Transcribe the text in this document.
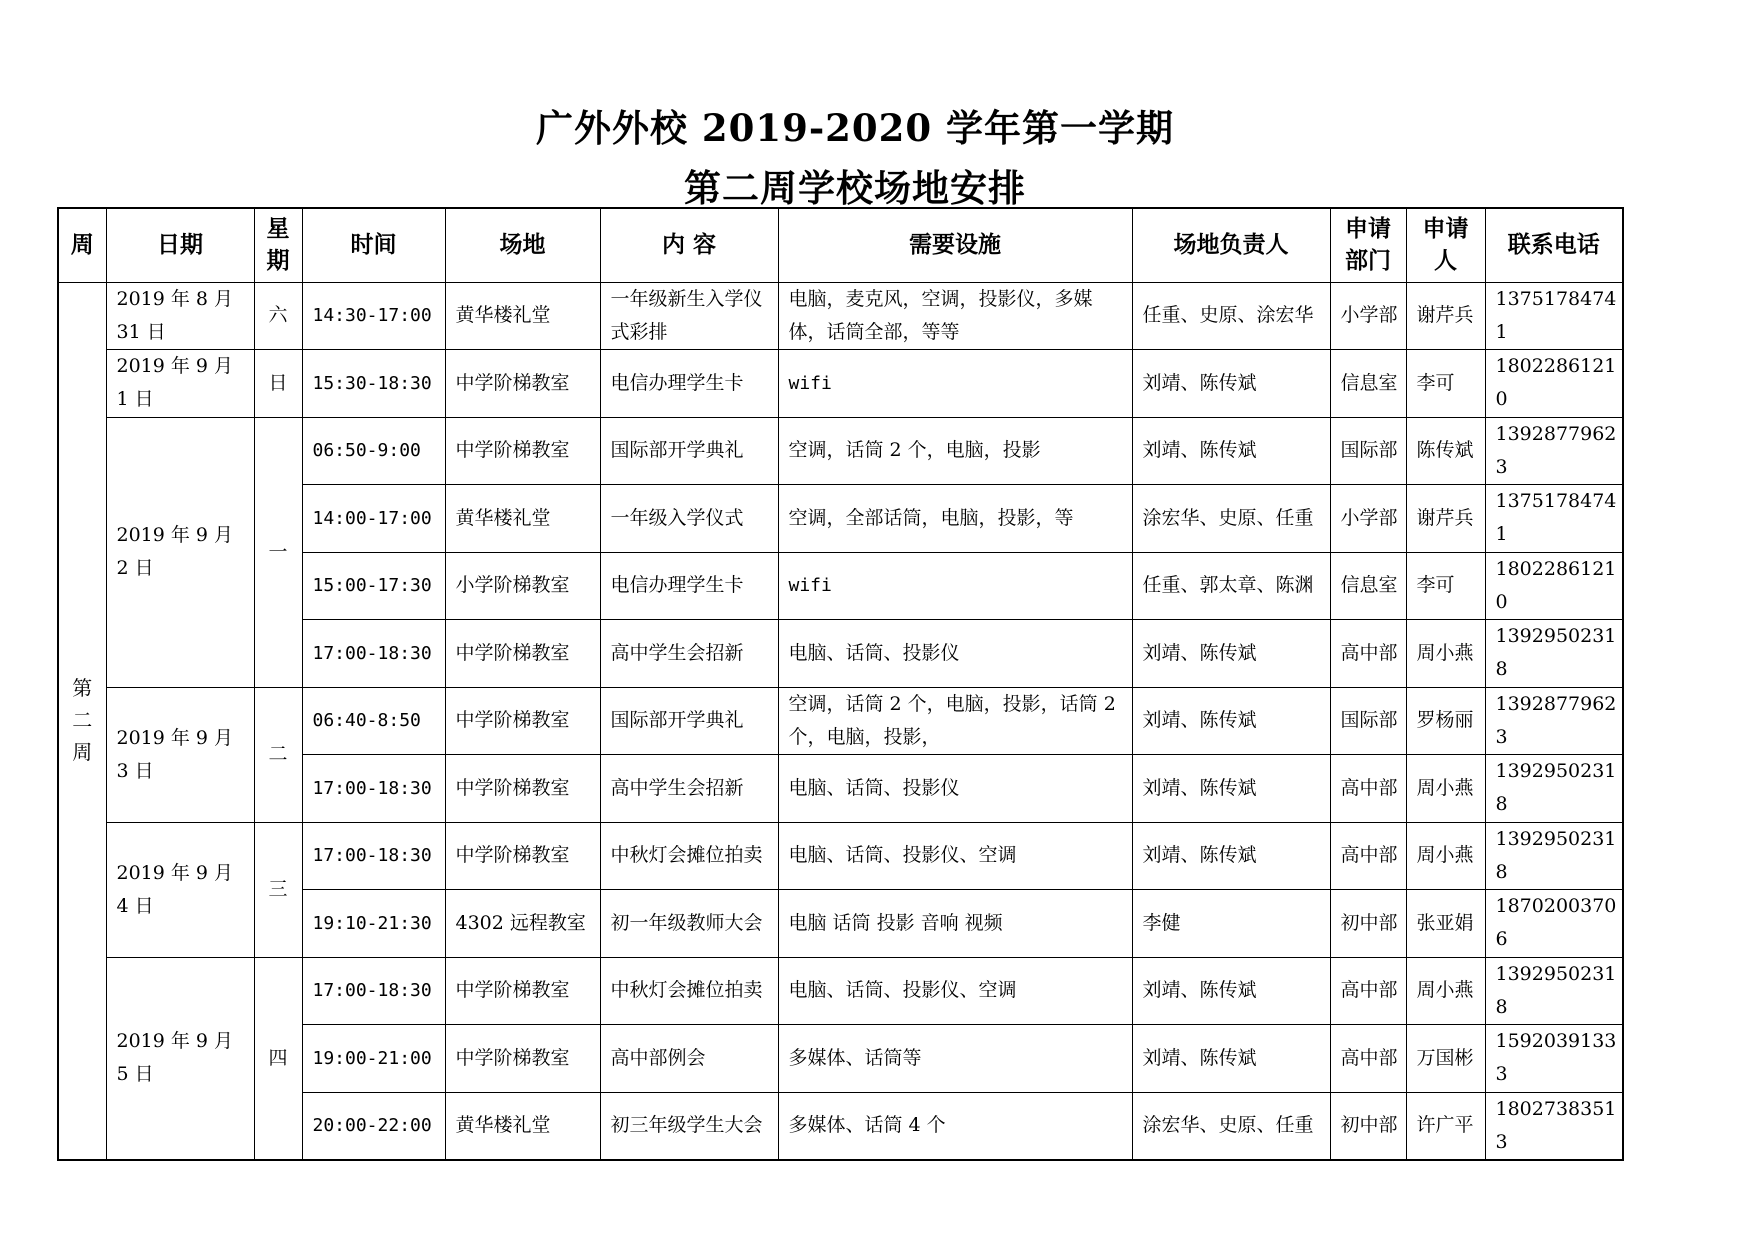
广外外校 2019-2020 学年第一学期
第二周学校场地安排
周	日期	星期	时间	场地	内 容	需要设施	场地负责人	申请部门	申请人	联系电话
第二周	2019 年 8 月 31 日	六	14:30-17:00	黄华楼礼堂	一年级新生入学仪式彩排	电脑，麦克风，空调，投影仪，多媒体，话筒全部，等等	任重、史原、涂宏华	小学部	谢芹兵	13751784741
	2019 年 9 月 1 日	日	15:30-18:30	中学阶梯教室	电信办理学生卡	wifi	刘靖、陈传斌	信息室	李可	18022861210
	2019 年 9 月 2 日	一	06:50-9:00	中学阶梯教室	国际部开学典礼	空调，话筒 2 个，电脑，投影	刘靖、陈传斌	国际部	陈传斌	13928779623
			14:00-17:00	黄华楼礼堂	一年级入学仪式	空调，全部话筒，电脑，投影，等	涂宏华、史原、任重	小学部	谢芹兵	13751784741
			15:00-17:30	小学阶梯教室	电信办理学生卡	wifi	任重、郭太章、陈渊	信息室	李可	18022861210
			17:00-18:30	中学阶梯教室	高中学生会招新	电脑、话筒、投影仪	刘靖、陈传斌	高中部	周小燕	13929502318
	2019 年 9 月 3 日	二	06:40-8:50	中学阶梯教室	国际部开学典礼	空调，话筒 2 个，电脑，投影，话筒 2 个，电脑，投影，	刘靖、陈传斌	国际部	罗杨丽	13928779623
			17:00-18:30	中学阶梯教室	高中学生会招新	电脑、话筒、投影仪	刘靖、陈传斌	高中部	周小燕	13929502318
	2019 年 9 月 4 日	三	17:00-18:30	中学阶梯教室	中秋灯会摊位拍卖	电脑、话筒、投影仪、空调	刘靖、陈传斌	高中部	周小燕	13929502318
			19:10-21:30	4302 远程教室	初一年级教师大会	电脑 话筒 投影 音响 视频	李健	初中部	张亚娟	18702003706
	2019 年 9 月 5 日	四	17:00-18:30	中学阶梯教室	中秋灯会摊位拍卖	电脑、话筒、投影仪、空调	刘靖、陈传斌	高中部	周小燕	13929502318
			19:00-21:00	中学阶梯教室	高中部例会	多媒体、话筒等	刘靖、陈传斌	高中部	万国彬	15920391333
			20:00-22:00	黄华楼礼堂	初三年级学生大会	多媒体、话筒 4 个	涂宏华、史原、任重	初中部	许广平	18027383513
